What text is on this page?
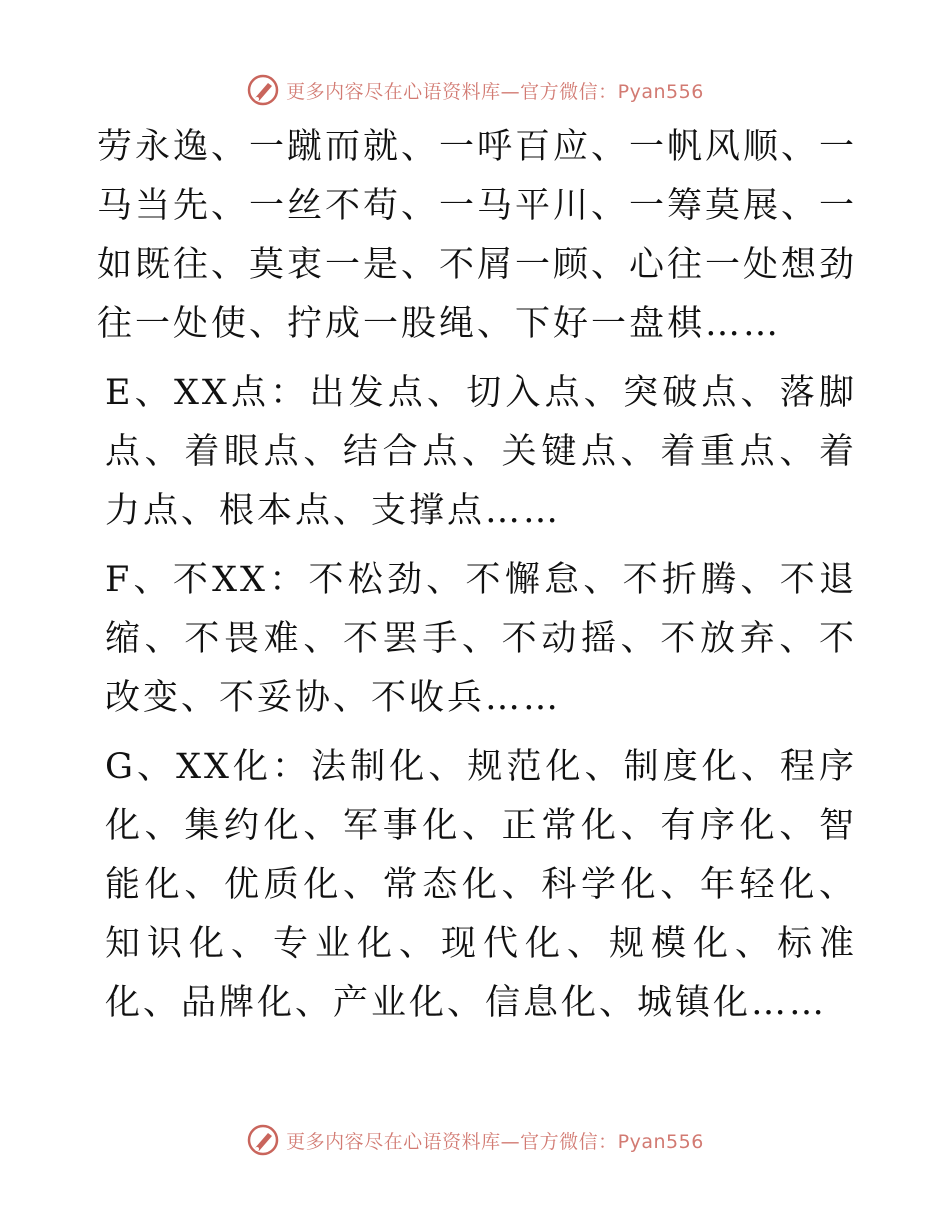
更多内容尽在心语资料库—官方微信：Pyan556

劳永逸、一蹴而就、一呼百应、一帆风顺、一马当先、一丝不苟、一马平川、一筹莫展、一如既往、莫衷一是、不屑一顾、心往一处想劲往一处使、拧成一股绳、下好一盘棋……

E、XX点：出发点、切入点、突破点、落脚点、着眼点、结合点、关键点、着重点、着力点、根本点、支撑点……

F、不XX：不松劲、不懈怠、不折腾、不退缩、不畏难、不罢手、不动摇、不放弃、不改变、不妥协、不收兵……

G、XX化：法制化、规范化、制度化、程序化、集约化、军事化、正常化、有序化、智能化、优质化、常态化、科学化、年轻化、知识化、专业化、现代化、规模化、标准化、品牌化、产业化、信息化、城镇化……

更多内容尽在心语资料库—官方微信：Pyan556
